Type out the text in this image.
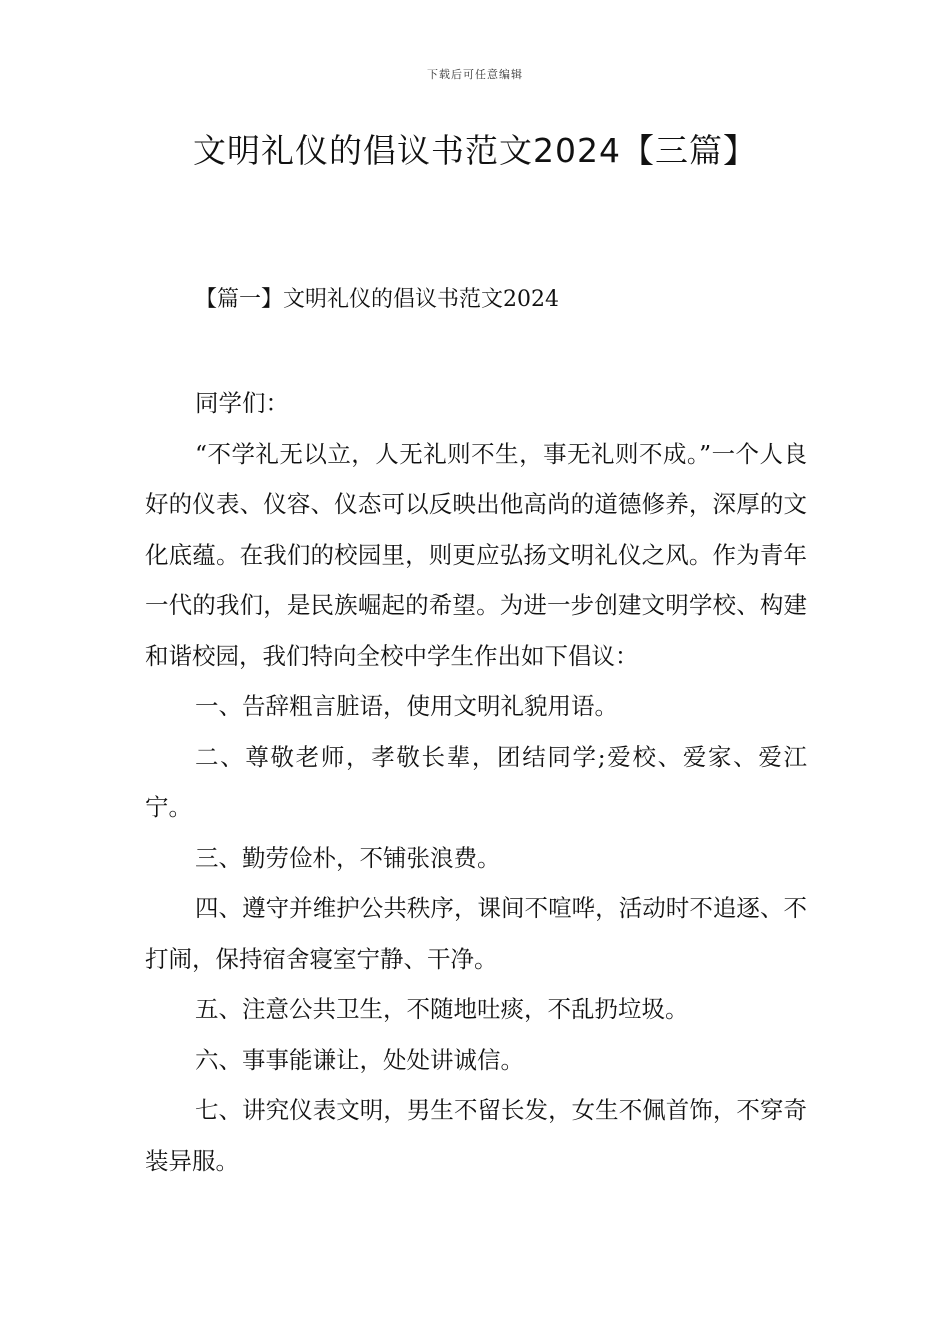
下载后可任意编辑
文明礼仪的倡议书范文2024【三篇】
【篇一】文明礼仪的倡议书范文2024

同学们：

“不学礼无以立，人无礼则不生，事无礼则不成。”一个人良好的仪表、仪容、仪态可以反映出他高尚的道德修养，深厚的文化底蕴。在我们的校园里，则更应弘扬文明礼仪之风。作为青年一代的我们，是民族崛起的希望。为进一步创建文明学校、构建和谐校园，我们特向全校中学生作出如下倡议：

一、告辞粗言脏语，使用文明礼貌用语。

二、尊敬老师，孝敬长辈，团结同学;爱校、爱家、爱江宁。

三、勤劳俭朴，不铺张浪费。

四、遵守并维护公共秩序，课间不喧哗，活动时不追逐、不打闹，保持宿舍寝室宁静、干净。

五、注意公共卫生，不随地吐痰，不乱扔垃圾。

六、事事能谦让，处处讲诚信。

七、讲究仪表文明，男生不留长发，女生不佩首饰，不穿奇装异服。
